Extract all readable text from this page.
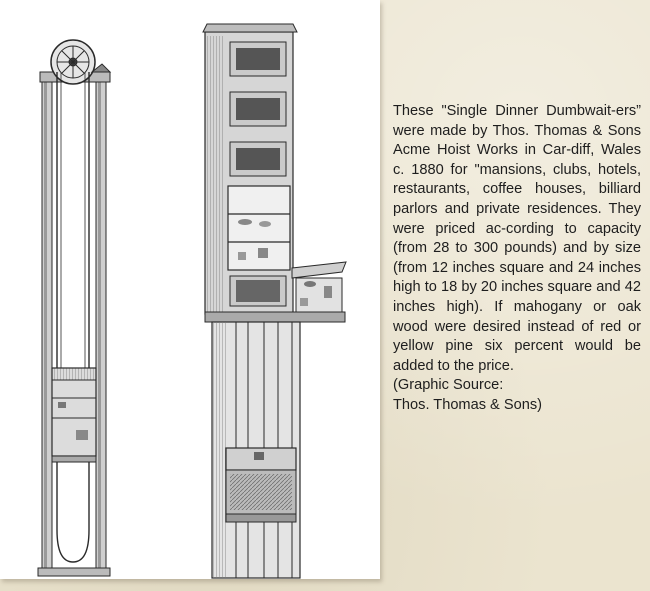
These "Single Dinner Dumbwait-ers” were made by Thos. Thomas & Sons Acme Hoist Works in Car-diff, Wales c. 1880 for "mansions, clubs, hotels, restaurants, coffee houses, billiard parlors and private residences. They were priced ac-cording to capacity (from 28 to 300 pounds) and by size (from 12 inches square and 24 inches high to 18 by 20 inches square and 42 inches high). If mahogany or oak wood were desired instead of red or yellow pine six percent would be added to the price.

(Graphic Source:

Thos. Thomas & Sons)
